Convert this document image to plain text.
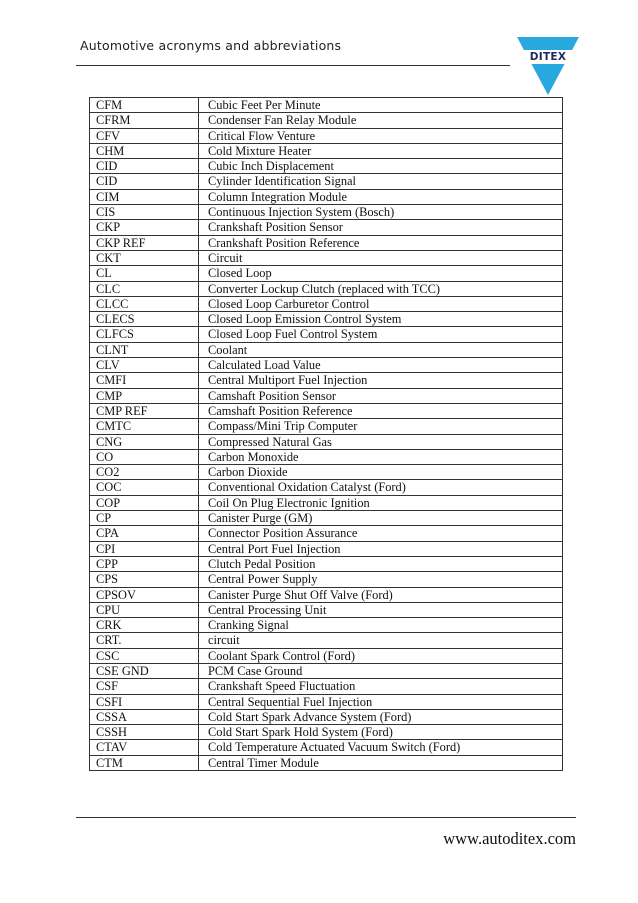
Automotive acronyms and abbreviations
DITEX
CFM	Cubic Feet Per Minute
CFRM	Condenser Fan Relay Module
CFV	Critical Flow Venture
CHM	Cold Mixture Heater
CID	Cubic Inch Displacement
CID	Cylinder Identification Signal
CIM	Column Integration Module
CIS	Continuous Injection System (Bosch)
CKP	Crankshaft Position Sensor
CKP REF	Crankshaft Position Reference
CKT	Circuit
CL	Closed Loop
CLC	Converter Lockup Clutch (replaced with TCC)
CLCC	Closed Loop Carburetor Control
CLECS	Closed Loop Emission Control System
CLFCS	Closed Loop Fuel Control System
CLNT	Coolant
CLV	Calculated Load Value
CMFI	Central Multiport Fuel Injection
CMP	Camshaft Position Sensor
CMP REF	Camshaft Position Reference
CMTC	Compass/Mini Trip Computer
CNG	Compressed Natural Gas
CO	Carbon Monoxide
CO2	Carbon Dioxide
COC	Conventional Oxidation Catalyst (Ford)
COP	Coil On Plug Electronic Ignition
CP	Canister Purge (GM)
CPA	Connector Position Assurance
CPI	Central Port Fuel Injection
CPP	Clutch Pedal Position
CPS	Central Power Supply
CPSOV	Canister Purge Shut Off Valve (Ford)
CPU	Central Processing Unit
CRK	Cranking Signal
CRT.	circuit
CSC	Coolant Spark Control (Ford)
CSE GND	PCM Case Ground
CSF	Crankshaft Speed Fluctuation
CSFI	Central Sequential Fuel Injection
CSSA	Cold Start Spark Advance System (Ford)
CSSH	Cold Start Spark Hold System (Ford)
CTAV	Cold Temperature Actuated Vacuum Switch (Ford)
CTM	Central Timer Module
www.autoditex.com
